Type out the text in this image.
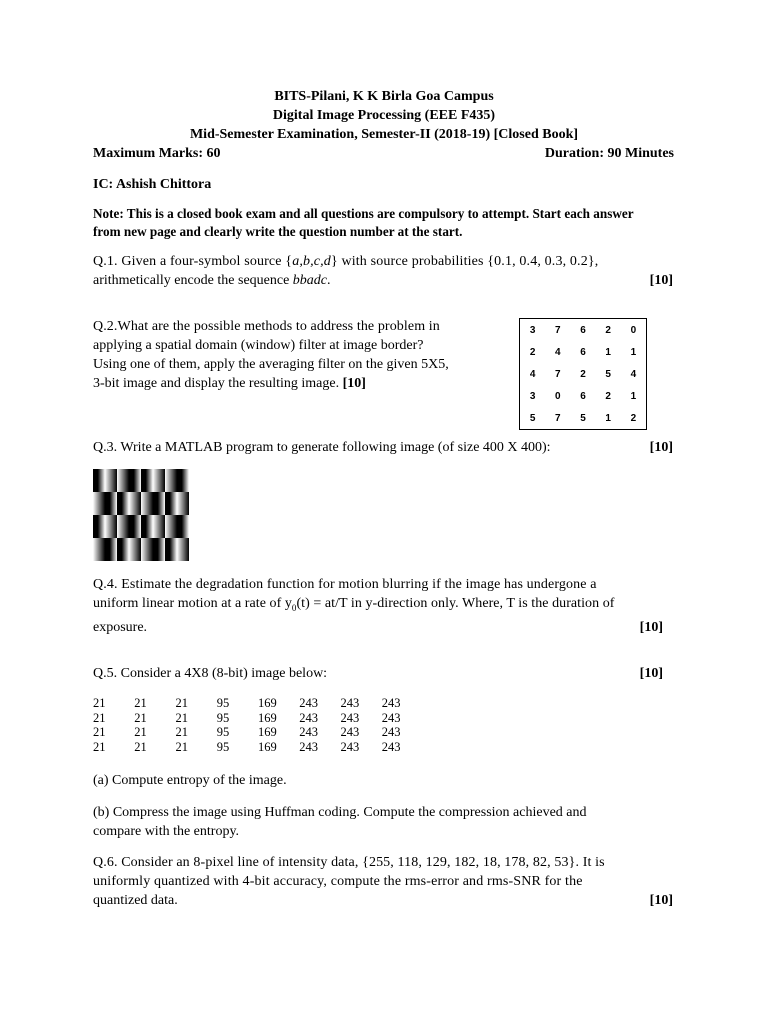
BITS-Pilani, K K Birla Goa Campus
Digital Image Processing (EEE F435)
Mid-Semester Examination, Semester-II (2018-19) [Closed Book]
Maximum Marks: 60	Duration: 90 Minutes
IC: Ashish Chittora
Note: This is a closed book exam and all questions are compulsory to attempt. Start each answer
from new page and clearly write the question number at the start.
Q.1. Given a four-symbol source {a,b,c,d} with source probabilities {0.1, 0.4, 0.3, 0.2},
arithmetically encode the sequence bbadc.	[10]
Q.2.What are the possible methods to address the problem in
applying a spatial domain (window) filter at image border?
Using one of them, apply the averaging filter on the given 5X5,
3-bit image and display the resulting image. [10]
3	7	6	2	0
2	4	6	1	1
4	7	2	5	4
3	0	6	2	1
5	7	5	1	2
Q.3. Write a MATLAB program to generate following image (of size 400 X 400):	[10]
Q.4. Estimate the degradation function for motion blurring if the image has undergone a
uniform linear motion at a rate of $y_0(t) = at/T$ in y-direction only. Where, T is the duration of
exposure.	[10]
Q.5. Consider a 4X8 (8-bit) image below:	[10]
21	21	21	95	169	243	243	243
21	21	21	95	169	243	243	243
21	21	21	95	169	243	243	243
21	21	21	95	169	243	243	243
(a) Compute entropy of the image.
(b) Compress the image using Huffman coding. Compute the compression achieved and
compare with the entropy.
Q.6. Consider an 8-pixel line of intensity data, {255, 118, 129, 182, 18, 178, 82, 53}. It is
uniformly quantized with 4-bit accuracy, compute the rms-error and rms-SNR for the
quantized data.	[10]
